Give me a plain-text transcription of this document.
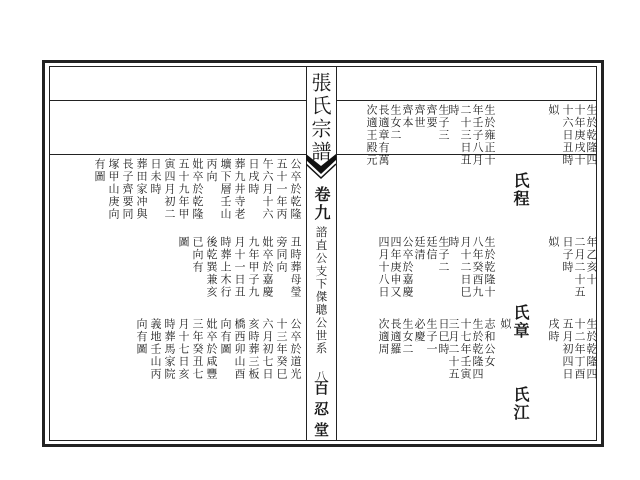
張氏宗譜
卷九
諮直公支下傑聰公世系 八
百忍堂
氏程
生於乾隆四
十年庚戌十
十六日丑時
姒
生於雍正十
年壬子八月
二十三日丑
時
生子三
齊要
齊世
齊本
生女二
長適章有萬
次適王殿元
氏章
年乙亥十
二月二十五
日子時
姒
生於乾隆十
八年癸酉九
月十二日巳
時
生子二
廷信
廷清
公卒於嘉慶
四年庚申又
四月十八日
氏江
生於乾隆四
十二年丁酉
五月初四日
戌時
姒
志和公女
生於乾隆四
十七年壬寅
三月二十五
日巳時
生子一
必慶
生女二
長適羅
次適周
公卒於乾隆
五十一年丙
午六月十六
日戌時
葬九井寺老
壙下層壬山
丙向
妣卒於乾隆
五十九年甲
寅四月初二
日未時
葬田家冲與
長子齊要同
塚甲山庚向
有圖
丑時葬母瑩
旁同向
妣卒於嘉慶
九年甲子九
月十一日丑
時葬上木行
後乾巽兼亥
已向有
圖
公卒於道光
十三年癸巳
六月初七日
亥時葬三板
橋西卯山酉
向有圖
妣卒於咸豐
三年癸丑七
月十七日亥
時葬馬家院
義地壬山丙
向有圖
